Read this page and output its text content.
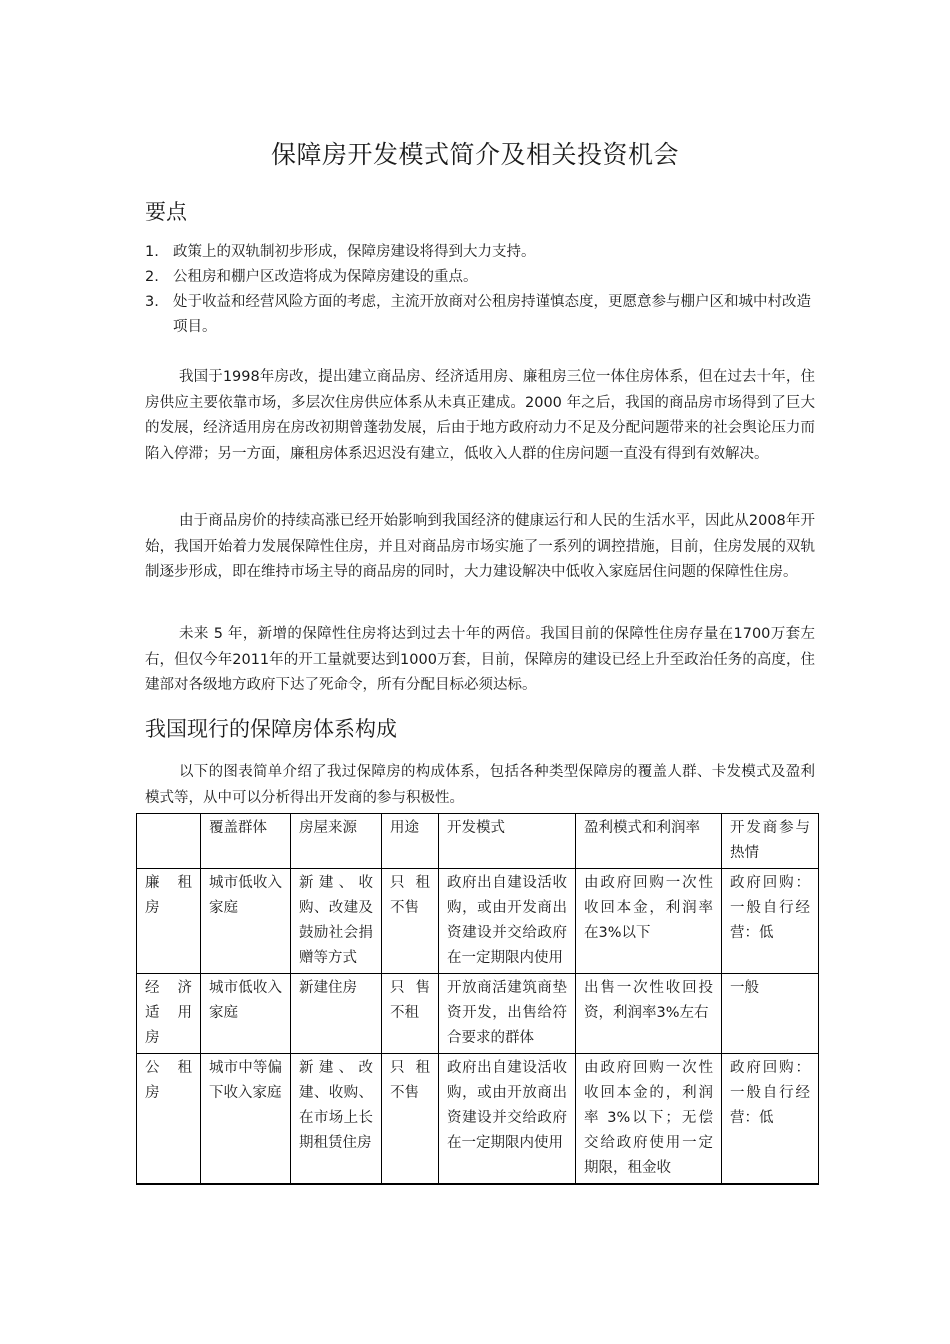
保障房开发模式简介及相关投资机会
要点
1. 政策上的双轨制初步形成，保障房建设将得到大力支持。
2. 公租房和棚户区改造将成为保障房建设的重点。
3. 处于收益和经营风险方面的考虑，主流开放商对公租房持谨慎态度，更愿意参与棚户区和城中村改造项目。
我国于1998年房改，提出建立商品房、经济适用房、廉租房三位一体住房体系，但在过去十年，住房供应主要依靠市场，多层次住房供应体系从未真正建成。2000 年之后，我国的商品房市场得到了巨大的发展，经济适用房在房改初期曾蓬勃发展，后由于地方政府动力不足及分配问题带来的社会舆论压力而陷入停滞；另一方面，廉租房体系迟迟没有建立，低收入人群的住房问题一直没有得到有效解决。
由于商品房价的持续高涨已经开始影响到我国经济的健康运行和人民的生活水平，因此从2008年开始，我国开始着力发展保障性住房，并且对商品房市场实施了一系列的调控措施，目前，住房发展的双轨制逐步形成，即在维持市场主导的商品房的同时，大力建设解决中低收入家庭居住问题的保障性住房。
未来 5 年，新增的保障性住房将达到过去十年的两倍。我国目前的保障性住房存量在1700万套左右，但仅今年2011年的开工量就要达到1000万套，目前，保障房的建设已经上升至政治任务的高度，住建部对各级地方政府下达了死命令，所有分配目标必须达标。
我国现行的保障房体系构成
以下的图表简单介绍了我过保障房的构成体系，包括各种类型保障房的覆盖人群、卡发模式及盈利模式等，从中可以分析得出开发商的参与积极性。
	覆盖群体	房屋来源	用途	开发模式	盈利模式和利润率	开发商参与热情
廉 租房	城市低收入家庭	新建、收购、改建及鼓励社会捐赠等方式	只租不售	政府出自建设活收购，或由开发商出资建设并交给政府在一定期限内使用	由政府回购一次性收回本金，利润率在3%以下	政府回购：一般自行经营：低
经 济适 用房	城市低收入家庭	新建住房	只售不租	开放商活建筑商垫资开发，出售给符合要求的群体	出售一次性收回投资，利润率3%左右	一般
公 租房	城市中等偏下收入家庭	新建、改建、收购、在市场上长期租赁住房	只租不售	政府出自建设活收购，或由开放商出资建设并交给政府在一定期限内使用	由政府回购一次性收回本金的，利润率 3%以下；无偿交给政府使用一定期限，租金收	政府回购：一般自行经营：低
